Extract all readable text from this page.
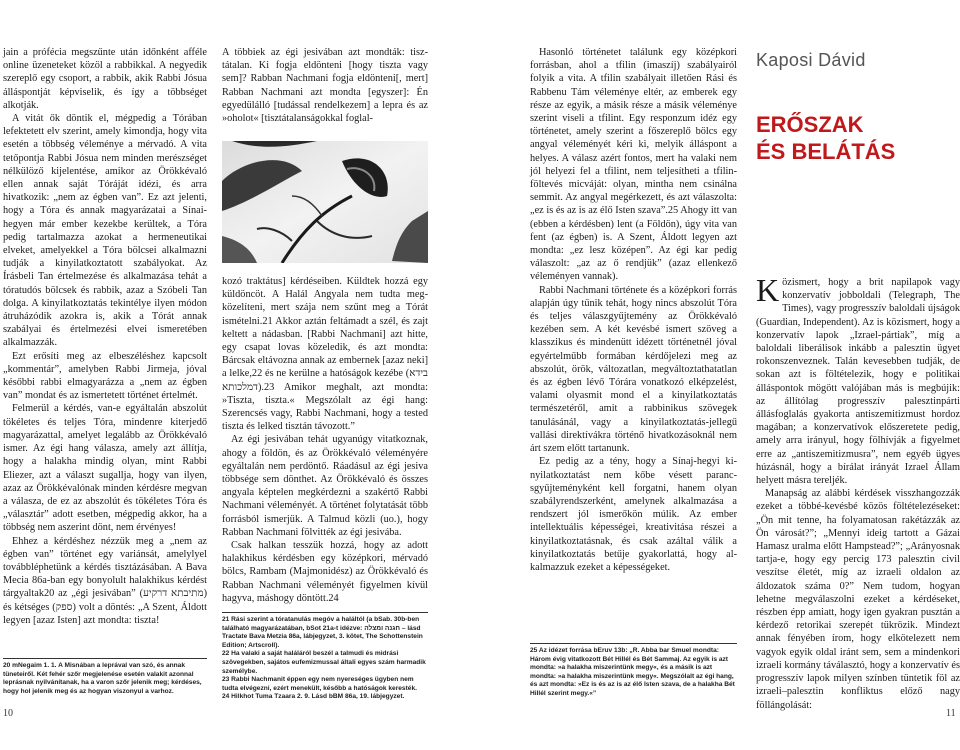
jain a prófécia megszűnte után időnként afféle online üzeneteket közöl a rabbikkal. A negyedik szereplő egy csoport, a rabbik, akik Rabbi Jósua álláspontját képviselik, és így a többséget alkotják.

A vitát ők döntik el, mégpedig a Tórában lefektetett elv szerint, amely kimondja, hogy vita esetén a többség véleménye a mérvadó. A vita tetőpontja Rabbi Jósua nem minden merészséget nélkülöző kijelentése, amikor az Örökkévaló ellen annak saját Tóráját idézi, és arra hivatkozik: „nem az égben van”. Ez azt jelenti, hogy a Tóra és annak magyarázatai a Sínai-hegyen már ember kezekbe kerültek, a Tóra pedig tartalmazza azokat a hermeneutikai elveket, amelyekkel a Tóra bölcsei alkalmazni tudják a kinyilatkoztatott szabályokat. Az Írásbeli Tan értelmezése és alkalmazása tehát a tóratudós bölcsek és rabbik, azaz a Szóbeli Tan dolga. A kinyilatkoztatás tekintélye ilyen módon átruházódik azokra is, akik a Tórát annak szabályai és értelmezési elvei ismeretében alkalmazzák.

Ezt erősíti meg az elbeszéléshez kapcsolt „kommentár”, amelyben Rabbi Jirmeja, jóval későbbi rabbi elmagyarázza a „nem az égben van” mondat és az ismertetett történet értelmét.

Felmerül a kérdés, van-e egyáltalán abszolút tökéletes és teljes Tóra, mindenre kiterjedő magyarázattal, amelyet legalább az Örökkévaló ismer. Az égi hang válasza, amely azt állítja, hogy a halakha mindig olyan, mint Rabbi Eliezer, azt a választ sugallja, hogy van ilyen, azaz az Örökkévalónak minden kérdésre megvan a válasza, de ez az abszolút és tökéletes Tóra és „választár” adott esetben, mégpedig akkor, ha a többség nem aszerint dönt, nem érvényes!

Ehhez a kérdéshez nézzük meg a „nem az égben van” történet egy variánsát, amelylyel továbbléphetünk a kérdés tisztázásában. A Bava Mecia 86a-ban egy bonyolult halakhikus kérdést tárgyaltak20 az „égi jesivában” (מתיבתא דרקיע) és kétséges (ספק) volt a döntés: „A Szent, Áldott legyen [azaz Isten] azt mondta: tiszta!

20 mNegaim 1. 1. A Misnában a leprával van szó, és annak tüneteiről. Két fehér szőr megjelenése esetén valakit azonnal leprásnak nyilvánítanak, ha a varon szőr jelenik meg; kérdéses, hogy hol jelenik meg és az hogyan viszonyul a varhoz.

A többiek az égi jesivában azt mondták: tisztátalan. Ki fogja eldönteni [hogy tiszta vagy sem]? Rabban Nachmani fogja eldönteni[, mert] Rabban Nachmani azt mondta [egyszer]: Én egyedülálló [tudással rendelkezem] a lepra és az »oholot« [tisztátalanságokkal foglal-

kozó traktátus] kérdéseiben. Küldtek hozzá egy küldöncöt. A Halál Angyala nem tudta megközelíteni, mert szája nem szűnt meg a Tórát ismételni.21 Akkor aztán feltámadt a szél, és zajt keltett a nádasban. [Rabbi Nachmani] azt hitte, egy csapat lovas közeledik, és azt mondta: Bárcsak eltávozna annak az embernek [azaz neki] a lelke,22 és ne kerülne a hatóságok kezébe (בידא דמלכותא).23 Amikor meghalt, azt mondta: »Tiszta, tiszta.« Megszólalt az égi hang: Szerencsés vagy, Rabbi Nachmani, hogy a tested tiszta és lelked tisztán távozott.”

Az égi jesivában tehát ugyanúgy vitatkoznak, ahogy a földön, és az Örökkévaló véleményére egyáltalán nem perdöntő. Ráadásul az égi jesiva többsége sem dönthet. Az Örökkévaló és összes angyala képtelen megkérdezni a szakértő Rabbi Nachmani véleményét. A történet folytatását több forrásból ismerjük. A Talmud közli (uo.), hogy Rabban Nachmani fölvitték az égi jesivába.

Csak halkan tesszük hozzá, hogy az adott halakhikus kérdésben egy középkori, mérvadó bölcs, Rambam (Majmonidész) az Örökkévaló és Rabban Nachmani véleményét figyelmen kívül hagyva, máshogy döntött.24

21 Rási szerint a tóratanulás megóv a haláltól (a bSab. 30b-ben található magyarázatában, bSot 21a-t idézve: חגנה ומצלה – lásd Tractate Bava Metzia 86a, lábjegyzet, 3. kötet, The Schottenstein Edition; Artscroll).
22 Ha valaki a saját haláláról beszél a talmudi és midrási szövegekben, sajátos eufemizmussal általi egyes szám harmadik személybe.
23 Rabbi Nachmanit éppen egy nem nyereséges ügyben nem tudta elvégezni, ezért menekült, később a hatóságok keresték.
24 Hilkhot Tuma Tzaara 2. 9. Lásd bBM 86a, 19. lábjegyzet.
10

Hasonló történetet találunk egy középkori forrásban, ahol a tfilin (imaszíj) szabályairól folyik a vita. A tfilin szabályait illetően Rási és Rabbenu Tám véleménye eltér, az emberek egy része az egyik, a másik része a másik véleménye szerint viseli a tfilint. Egy responzum idéz egy történetet, amely szerint a főszereplő bölcs egy angyal véleményét kéri ki, melyik álláspont a helyes. A válasz azért fontos, mert ha valaki nem jól helyezi fel a tfilint, nem teljesítheti a tfilin-föltevés micváját: olyan, mintha nem csinálna semmit. Az angyal megérkezett, és azt válaszolta: „ez is és az is az élő Isten szava”.25 Ahogy itt van (ebben a kérdésben) lent (a Földön), úgy vita van fent (az égben) is. A Szent, Áldott legyen azt mondta: „ez lesz középen”. Az égi kar pedig válaszolt: „az az ő rendjük” (azaz ellenkező véleményen vannak).

Rabbi Nachmani története és a középkori forrás alapján úgy tűnik tehát, hogy nincs abszolút Tóra és teljes válaszgyűjtemény az Örökkévaló kezében sem. A két kevésbé ismert szöveg a klasszikus és mindenütt idézett történetnél jóval egyértelműbb formában kérdőjelezi meg az abszolút, örök, változatlan, megváltoztathatatlan és az égben lévő Tórára vonatkozó elképzelést, valami olyasmit mond el a kinyilatkoztatás természetéről, amit a rabbinikus szövegek tanulásánál, vagy a kinyilatkoztatás-jellegű vallási direktívákra történő hivatkozásoknál nem árt szem előtt tartanunk.

Ez pedig az a tény, hogy a Sínaj-hegyi kinyilatkoztatást nem kőbe vésett parancsgyűjteményként kell forgatni, hanem olyan szabályrendszerként, amelynek alkalmazása a rendszert jól ismerőkön múlik. Az ember intellektuális képességei, kreativitása részei a kinyilatkoztatásnak, és csak azáltal válik a kinyilatkoztatás betűje gyakorlattá, hogy alkalmazzuk ezeket a képességeket.

25 Az idézet forrása bEruv 13b: „R. Abba bar Smuel mondta: Három évig vitatkozott Bét Hillél és Bét Sammaj. Az egyik is azt mondta: »a halakha miszerintünk megy«, és a másik is azt mondta: »a halakha miszerintünk megy«. Megszólalt az égi hang, és azt mondta: »Ez is és az is az élő Isten szava, de a halakha Bét Hillél szerint megy.«”
Kaposi Dávid
ERŐSZAK
ÉS BELÁTÁS

Közismert, hogy a brit napilapok vagy konzervatív jobboldali (Telegraph, The Times), vagy progresszív baloldali újságok (Guardian, Independent). Az is közismert, hogy a konzervatív lapok „Izrael-pártiak”, míg a baloldali liberálisok inkább a palesztin ügyet rokonszenveznek. Talán kevesebben tudják, de sokan azt is föltételezik, hogy e politikai álláspontok mögött valójában más is megbújik: az állítólag progresszív palesztinpárti állásfoglalás gyakorta antiszemitizmust hordoz magában; a konzervatívok előszeretete pedig, amely arra irányul, hogy fölhívják a figyelmet erre az „antiszemitizmusra”, nem egyéb ügyes húzásnál, hogy a bírálat irányát Izrael Állam helyett másra tereljék.

Manapság az alábbi kérdések visszhangozzák ezeket a többé-kevésbé közös föltételezéseket: „Ön mit tenne, ha folyamatosan rakétázzák az Ön városát?”; „Mennyi ideig tartott a Gázai Hamasz uralma előtt Hampstead?”; „Arányosnak tartja-e, hogy egy percig 173 palesztin civil veszítse életét, míg az izraeli oldalon az áldozatok száma 0?” Nem tudom, hogyan lehetne megválaszolni ezeket a kérdéseket, részben épp amiatt, hogy igen gyakran pusztán a kérdező retorikai szerepét tükrözik. Mindezt annak fényében írom, hogy elkötelezett nem vagyok egyik oldal iránt sem, sem a mindenkori izraeli kormány táválasztó, hogy a konzervatív és progresszív lapok milyen színben tüntetik föl az izraeli–palesztin konfliktus előző nagy föllángolását:

11
